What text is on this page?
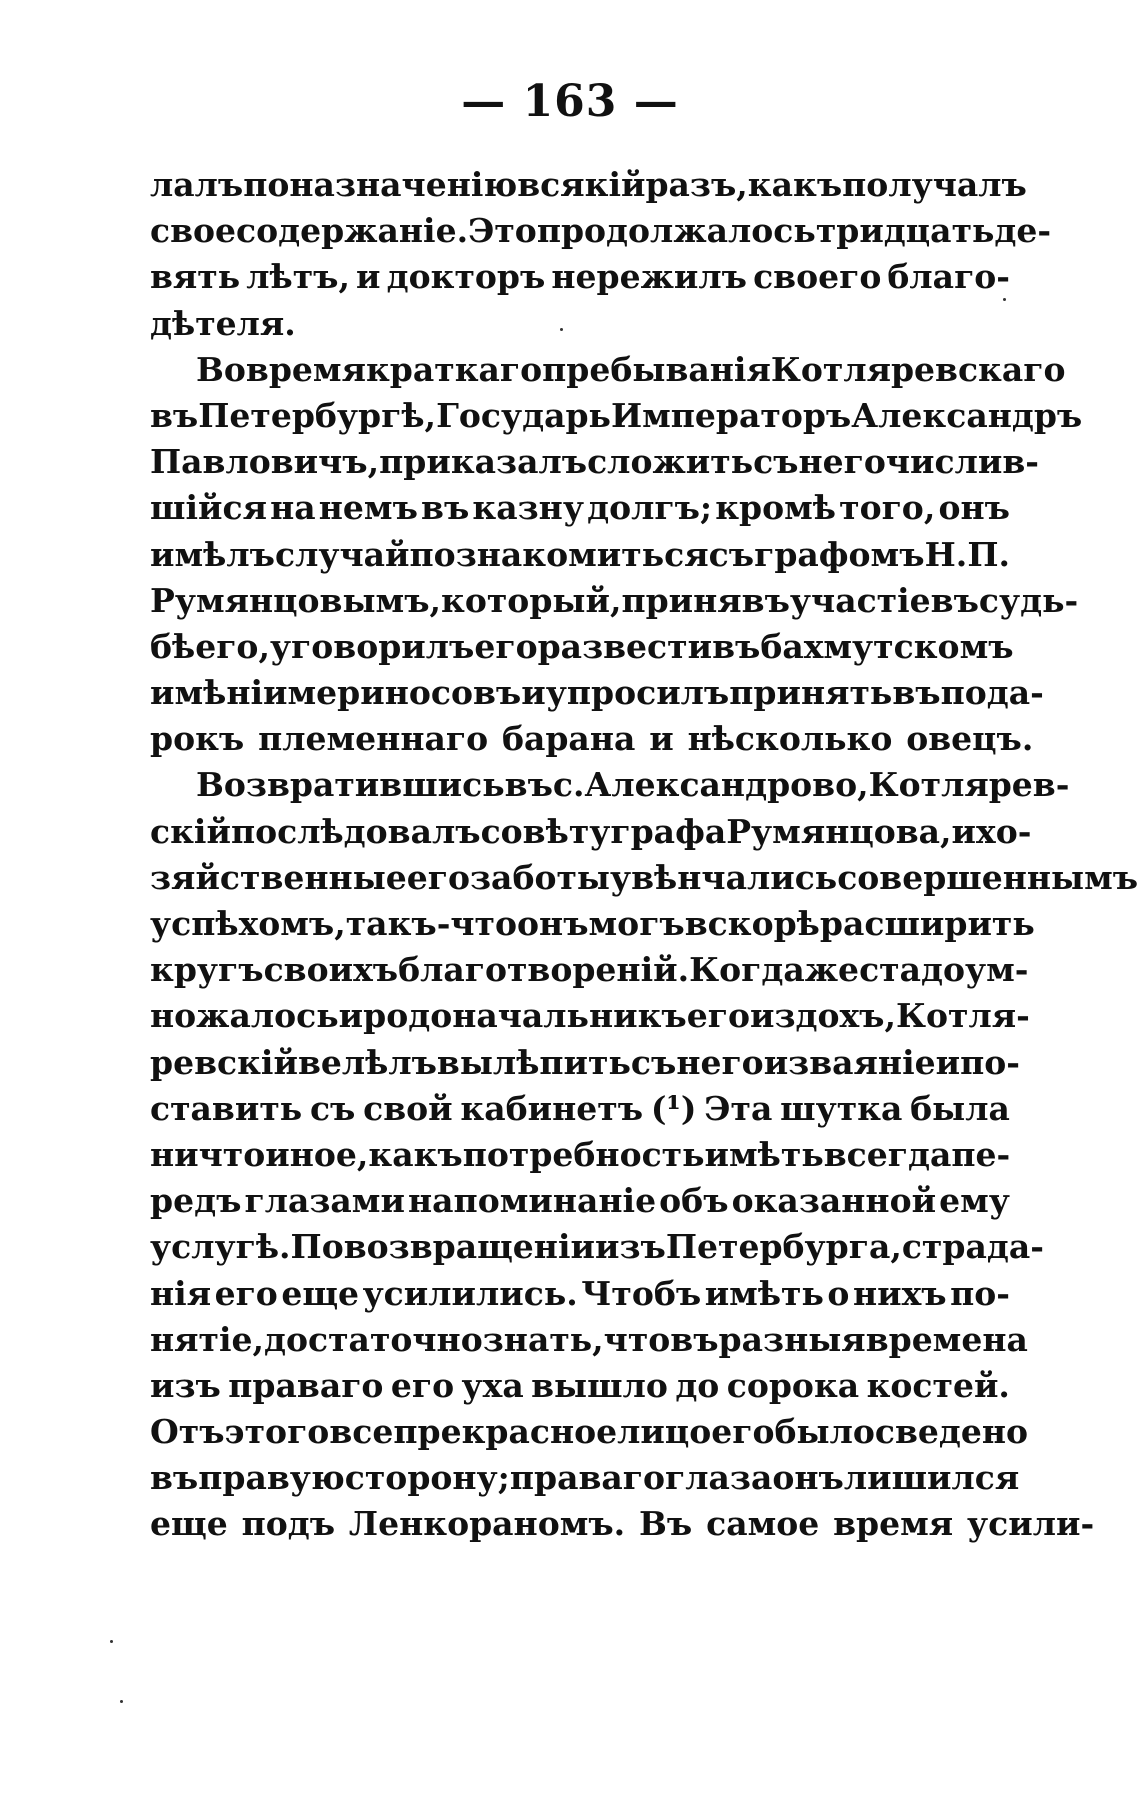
— 163 —
лалъ по назначенію всякій разъ, какъ получалъ
свое содержаніе. Это продолжалось тридцать де-
вять лѣтъ, и докторъ нережилъ своего благо-
дѣтеля.
Во время краткаго пребыванія Котляревскаго
въ Петербургѣ, Государь Императоръ Александръ
Павловичъ, приказалъ сложить съ него числив-
шійся на немъ въ казну долгъ; кромѣ того, онъ
имѣлъ случай познакомиться съ графомъ Н. П.
Румянцовымъ, который, принявъ участіе въ судь-
бѣ его, уговорилъ его развести въ бахмутскомъ
имѣніи мериносовъ и упросилъ принять въ пода-
рокъ племеннаго барана и нѣсколько овецъ.
Возвратившись въ с. Александрово, Котлярев-
скій послѣдовалъ совѣту графа Румянцова, и хо-
зяйственные его заботы увѣнчались совершеннымъ
успѣхомъ, такъ-что онъ могъ вскорѣ расширить
кругъ своихъ благотвореній. Когда же стадо ум-
ножалось и родоначальникъ его издохъ, Котля-
ревскій велѣлъ вылѣпить съ него изваяніе и по-
ставить съ свой кабинетъ (¹) Эта шутка была
ничто иное, какъ потребность имѣть всегда пе-
редъ глазами напоминаніе объ оказанной ему
услугѣ. По возвращеніи изъ Петербурга, страда-
нія его еще усилились. Чтобъ имѣть о нихъ по-
нятіе, достаточно знать, что въ разныя времена
изъ праваго его уха вышло до сорока костей.
Отъ этого все прекрасное лицо его было сведено
въ правую сторону; праваго глаза онъ лишился
еще подъ Ленкораномъ. Въ самое время усили-
